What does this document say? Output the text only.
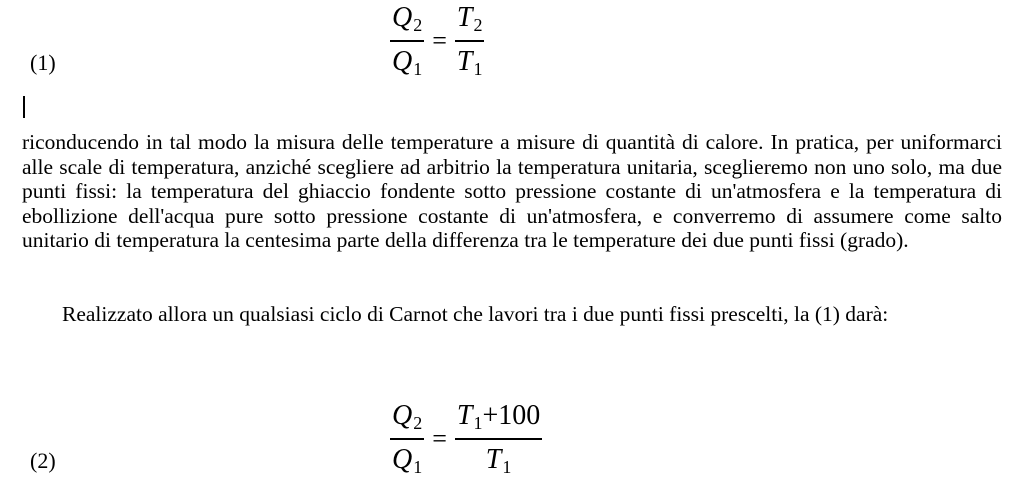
(1)	$\frac{Q_2}{Q_1} = \frac{T_2}{T_1}$

riconducendo in tal modo la misura delle temperature a misure di quantità di calore. In pratica, per uniformarci alle scale di temperatura, anziché scegliere ad arbitrio la temperatura unitaria, sceglieremo non uno solo, ma due punti fissi: la temperatura del ghiaccio fondente sotto pressione costante di un'atmosfera e la temperatura di ebollizione dell'acqua pure sotto pressione costante di un'atmosfera, e converremo di assumere come salto unitario di temperatura la centesima parte della differenza tra le temperature dei due punti fissi (grado).

Realizzato allora un qualsiasi ciclo di Carnot che lavori tra i due punti fissi prescelti, la (1) darà:

(2)	$\frac{Q_2}{Q_1} = \frac{T_1+100}{T_1}$
